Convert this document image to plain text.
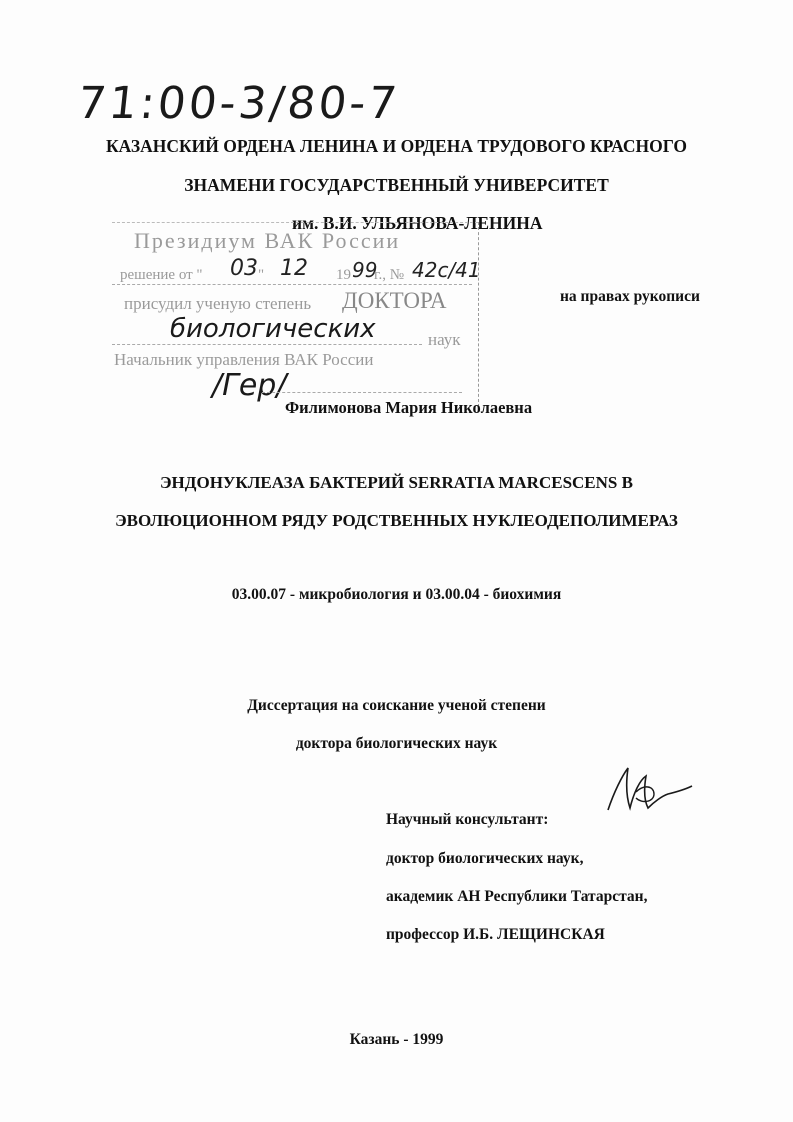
71:00-3/80-7
КАЗАНСКИЙ ОРДЕНА ЛЕНИНА И ОРДЕНА ТРУДОВОГО КРАСНОГО
ЗНАМЕНИ ГОСУДАРСТВЕННЫЙ УНИВЕРСИТЕТ
им. В.И. УЛЬЯНОВА-ЛЕНИНА
Президиум ВАК России
решение от " 03 " 12 19 99
г., № 42с/41
присудил ученую степень ДОКТОРА
биологических	наук
Начальник управления ВАК России
/Гер/
на правах рукописи
Филимонова Мария Николаевна
ЭНДОНУКЛЕАЗА БАКТЕРИЙ SERRATIA MARCESCENS В
ЭВОЛЮЦИОННОМ РЯДУ РОДСТВЕННЫХ НУКЛЕОДЕПОЛИМЕРАЗ
03.00.07 - микробиология и 03.00.04 - биохимия
Диссертация на соискание ученой степени
доктора биологических наук
Научный консультант:
доктор биологических наук,
академик АН Республики Татарстан,
профессор И.Б. ЛЕЩИНСКАЯ
Казань - 1999
